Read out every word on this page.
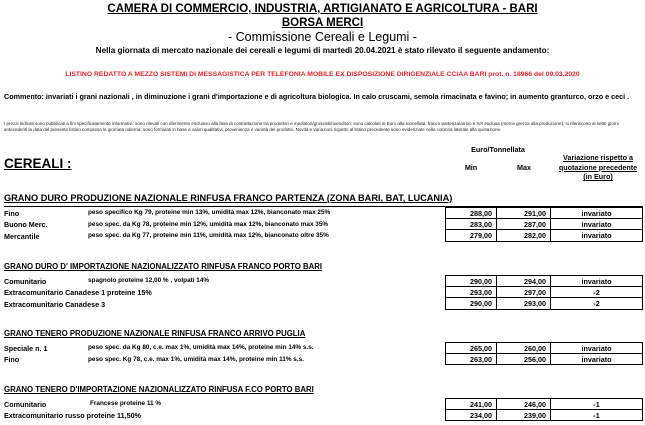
CAMERA DI COMMERCIO, INDUSTRIA, ARTIGIANATO E AGRICOLTURA - BARI
BORSA MERCI
- Commissione Cereali e Legumi -
Nella giornata di mercato nazionale dei cereali e legumi di martedì 20.04.2021 è stato rilevato il seguente andamento:
LISTINO REDATTO A MEZZO SISTEMI DI MESSAGISTICA PER TELEFONIA MOBILE EX DISPOSIZIONE DIRIGENZIALE CCIAA BARI prot. n. 18966 del 09.03.2020
Commento: invariati i grani nazionali , in diminuzione i grani d'importazione e di agricoltura biologica. In calo cruscami, semola rimacinata e favino; in aumento granturco, orzo e ceci .
I prezzi indicati sono pubblicati a fini specificatamente informativi: sono rilevati con riferimento esclusivo alla fase di contrattazione tra produttori e mediatori/grossisti/rivenditori; sono calcolati in Euro alla tonnellata, franco partenza/arrivo e IVA esclusa (merce grezza alla produzione); si riferiscono ai sette giorni antecedenti la data del presente listino compresa la giornata odierna; sono formulati in base a valori qualitativi, provenienza e varietà del prodotto. Novità e variazioni rispetto al listino precedente sono evidenziate nella colonna laterale alla quotazione.
Euro/Tonnellata
Min	Max
Variazione rispetto a quotazione precedente (in Euro)
CEREALI :
GRANO DURO PRODUZIONE NAZIONALE RINFUSA FRANCO PARTENZA (ZONA BARI, BAT, LUCANIA)
Fino	peso specifico Kg 79, proteine min 13%, umidità max 12%, bianconato max 25%	288,00	291,00	invariato
Buono Merc.	peso spec. da Kg 78, proteine min 12%, umidità max 12%, bianconato max 35%	283,00	287,00	invariato
Mercantile	peso spec. da Kg 77, proteine min 11%, umidità max 12%, bianconato oltre 35%	279,00	282,00	invariato
GRANO DURO D' IMPORTAZIONE NAZIONALIZZATO RINFUSA FRANCO PORTO BARI
Comunitario	spagnolo proteine 12,00 % , volpati 14%	290,00	294,00	invariato
Extracomunitario Canadese 1 proteine 15%	293,00	297,00	-2
Extracomunitario Canadese 3	290,00	293,00	-2
GRANO TENERO PRODUZIONE NAZIONALE RINFUSA FRANCO ARRIVO PUGLIA
Speciale n. 1	peso spec. da Kg 80, c.e. max 1%, umidità max 14%, proteine min 14% s.s.	265,00	260,00	invariato
Fino	peso spec. Kg 78, c.e. max 1%, umidità max 14%, proteine min 11% s.s.	263,00	256,00	invariato
GRANO TENERO D'IMPORTAZIONE NAZIONALIZZATO RINFUSA F.CO PORTO BARI
Comunitario	Francese proteine 11 %	241,00	246,00	-1
Extracomunitario russo proteine 11,50%	234,00	239,00	-1
